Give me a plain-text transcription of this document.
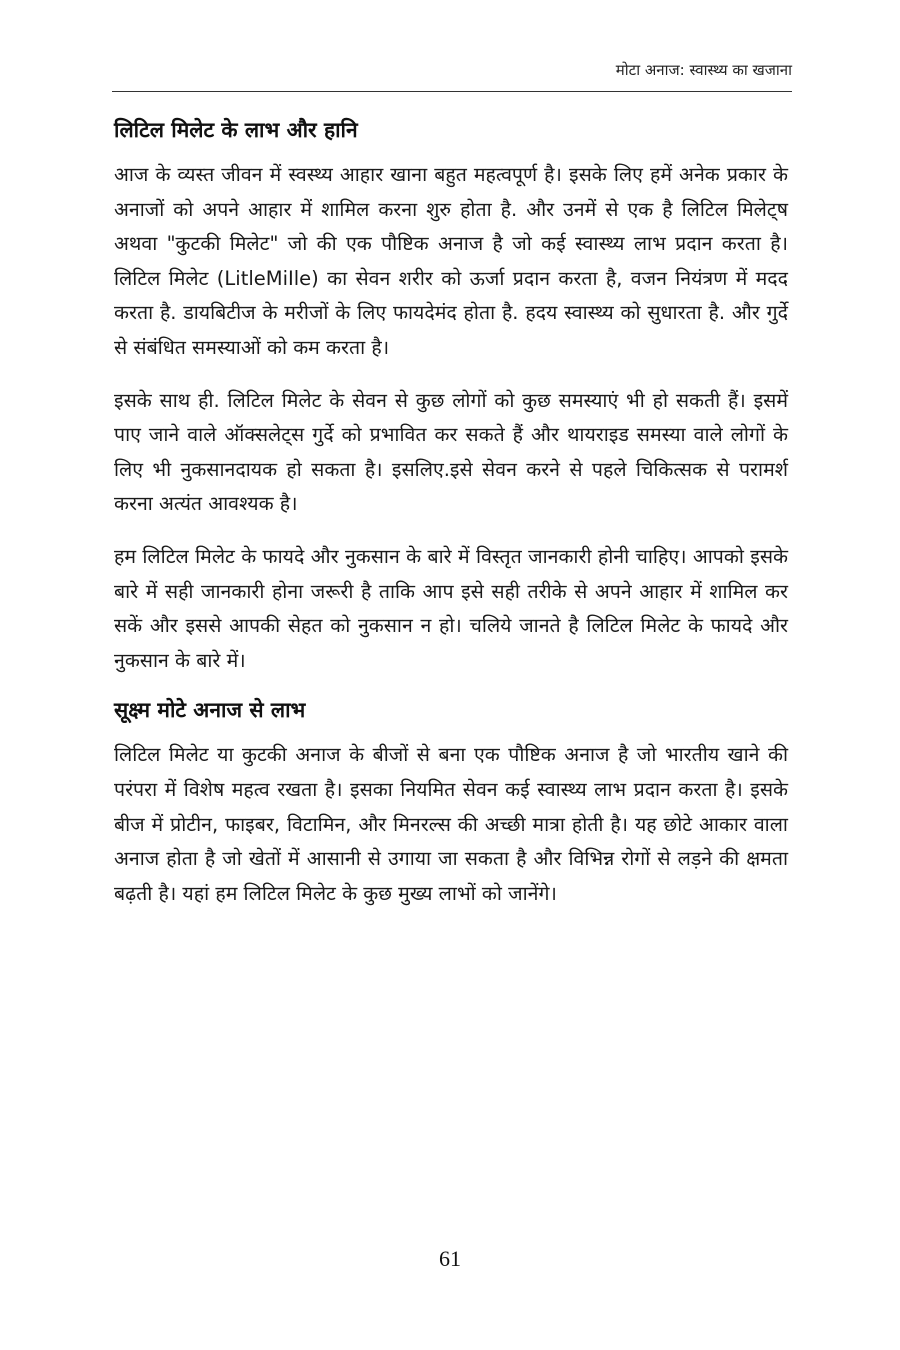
मोटा अनाज: स्वास्थ्य का खजाना
लिटिल मिलेट के लाभ और हानि

आज के व्यस्त जीवन में स्वस्थ्य आहार खाना बहुत महत्वपूर्ण है। इसके लिए हमें अनेक प्रकार के अनाजों को अपने आहार में शामिल करना शुरु होता है. और उनमें से एक है लिटिल मिलेट्ष अथवा "कुटकी मिलेट" जो की एक पौष्टिक अनाज है जो कई स्वास्थ्य लाभ प्रदान करता है। लिटिल मिलेट (LitleMiIle) का सेवन शरीर को ऊर्जा प्रदान करता है, वजन नियंत्रण में मदद करता है. डायबिटीज के मरीजों के लिए फायदेमंद होता है. हदय स्वास्थ्य को सुधारता है. और गुर्दे से संबंधित समस्याओं को कम करता है।

इसके साथ ही. लिटिल मिलेट के सेवन से कुछ लोगों को कुछ समस्याएं भी हो सकती हैं। इसमें पाए जाने वाले ऑक्सलेट्स गुर्दे को प्रभावित कर सकते हैं और थायराइड समस्या वाले लोगों के लिए भी नुकसानदायक हो सकता है। इसलिए.इसे सेवन करने से पहले चिकित्सक से परामर्श करना अत्यंत आवश्यक है।

हम लिटिल मिलेट के फायदे और नुकसान के बारे में विस्तृत जानकारी होनी चाहिए। आपको इसके बारे में सही जानकारी होना जरूरी है ताकि आप इसे सही तरीके से अपने आहार में शामिल कर सकें और इससे आपकी सेहत को नुकसान न हो। चलिये जानते है लिटिल मिलेट के फायदे और नुकसान के बारे में।

सूक्ष्म मोटे अनाज से लाभ

लिटिल मिलेट या कुटकी अनाज के बीजों से बना एक पौष्टिक अनाज है जो भारतीय खाने की परंपरा में विशेष महत्व रखता है। इसका नियमित सेवन कई स्वास्थ्य लाभ प्रदान करता है। इसके बीज में प्रोटीन, फाइबर, विटामिन, और मिनरल्स की अच्छी मात्रा होती है। यह छोटे आकार वाला अनाज होता है जो खेतों में आसानी से उगाया जा सकता है और विभिन्न रोगों से लड़ने की क्षमता बढ़ती है। यहां हम लिटिल मिलेट के कुछ मुख्य लाभों को जानेंगे।

61
